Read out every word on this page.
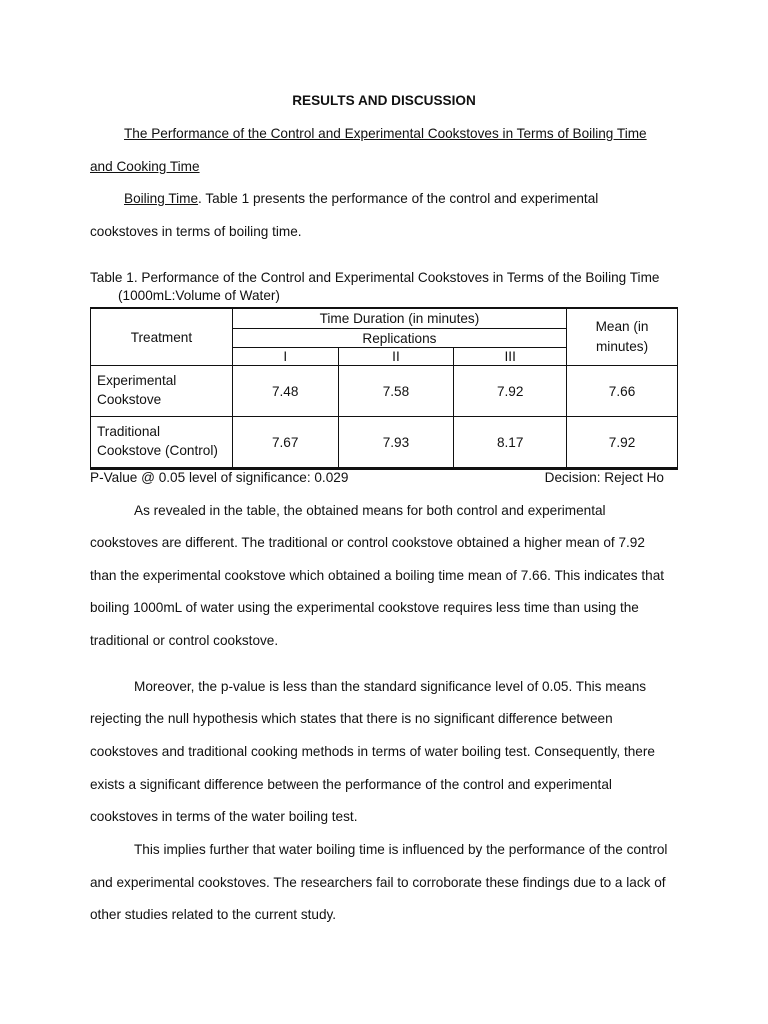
RESULTS AND DISCUSSION
The Performance of the Control and Experimental Cookstoves in Terms of Boiling Time
and Cooking Time
Boiling Time. Table 1 presents the performance of the control and experimental
cookstoves in terms of boiling time.
Table 1. Performance of the Control and Experimental Cookstoves in Terms of the Boiling Time
(1000mL:Volume of Water)
Treatment	Time Duration (in minutes)			Mean (in minutes)
	Replications			
	I	II	III	
Experimental
Cookstove	7.48	7.58	7.92	7.66
Traditional
Cookstove (Control)	7.67	7.93	8.17	7.92
P-Value @ 0.05 level of significance: 0.029	Decision: Reject Ho
As revealed in the table, the obtained means for both control and experimental
cookstoves are different. The traditional or control cookstove obtained a higher mean of 7.92
than the experimental cookstove which obtained a boiling time mean of 7.66. This indicates that
boiling 1000mL of water using the experimental cookstove requires less time than using the
traditional or control cookstove.
Moreover, the p-value is less than the standard significance level of 0.05. This means
rejecting the null hypothesis which states that there is no significant difference between
cookstoves and traditional cooking methods in terms of water boiling test. Consequently, there
exists a significant difference between the performance of the control and experimental
cookstoves in terms of the water boiling test.
This implies further that water boiling time is influenced by the performance of the control
and experimental cookstoves. The researchers fail to corroborate these findings due to a lack of
other studies related to the current study.
